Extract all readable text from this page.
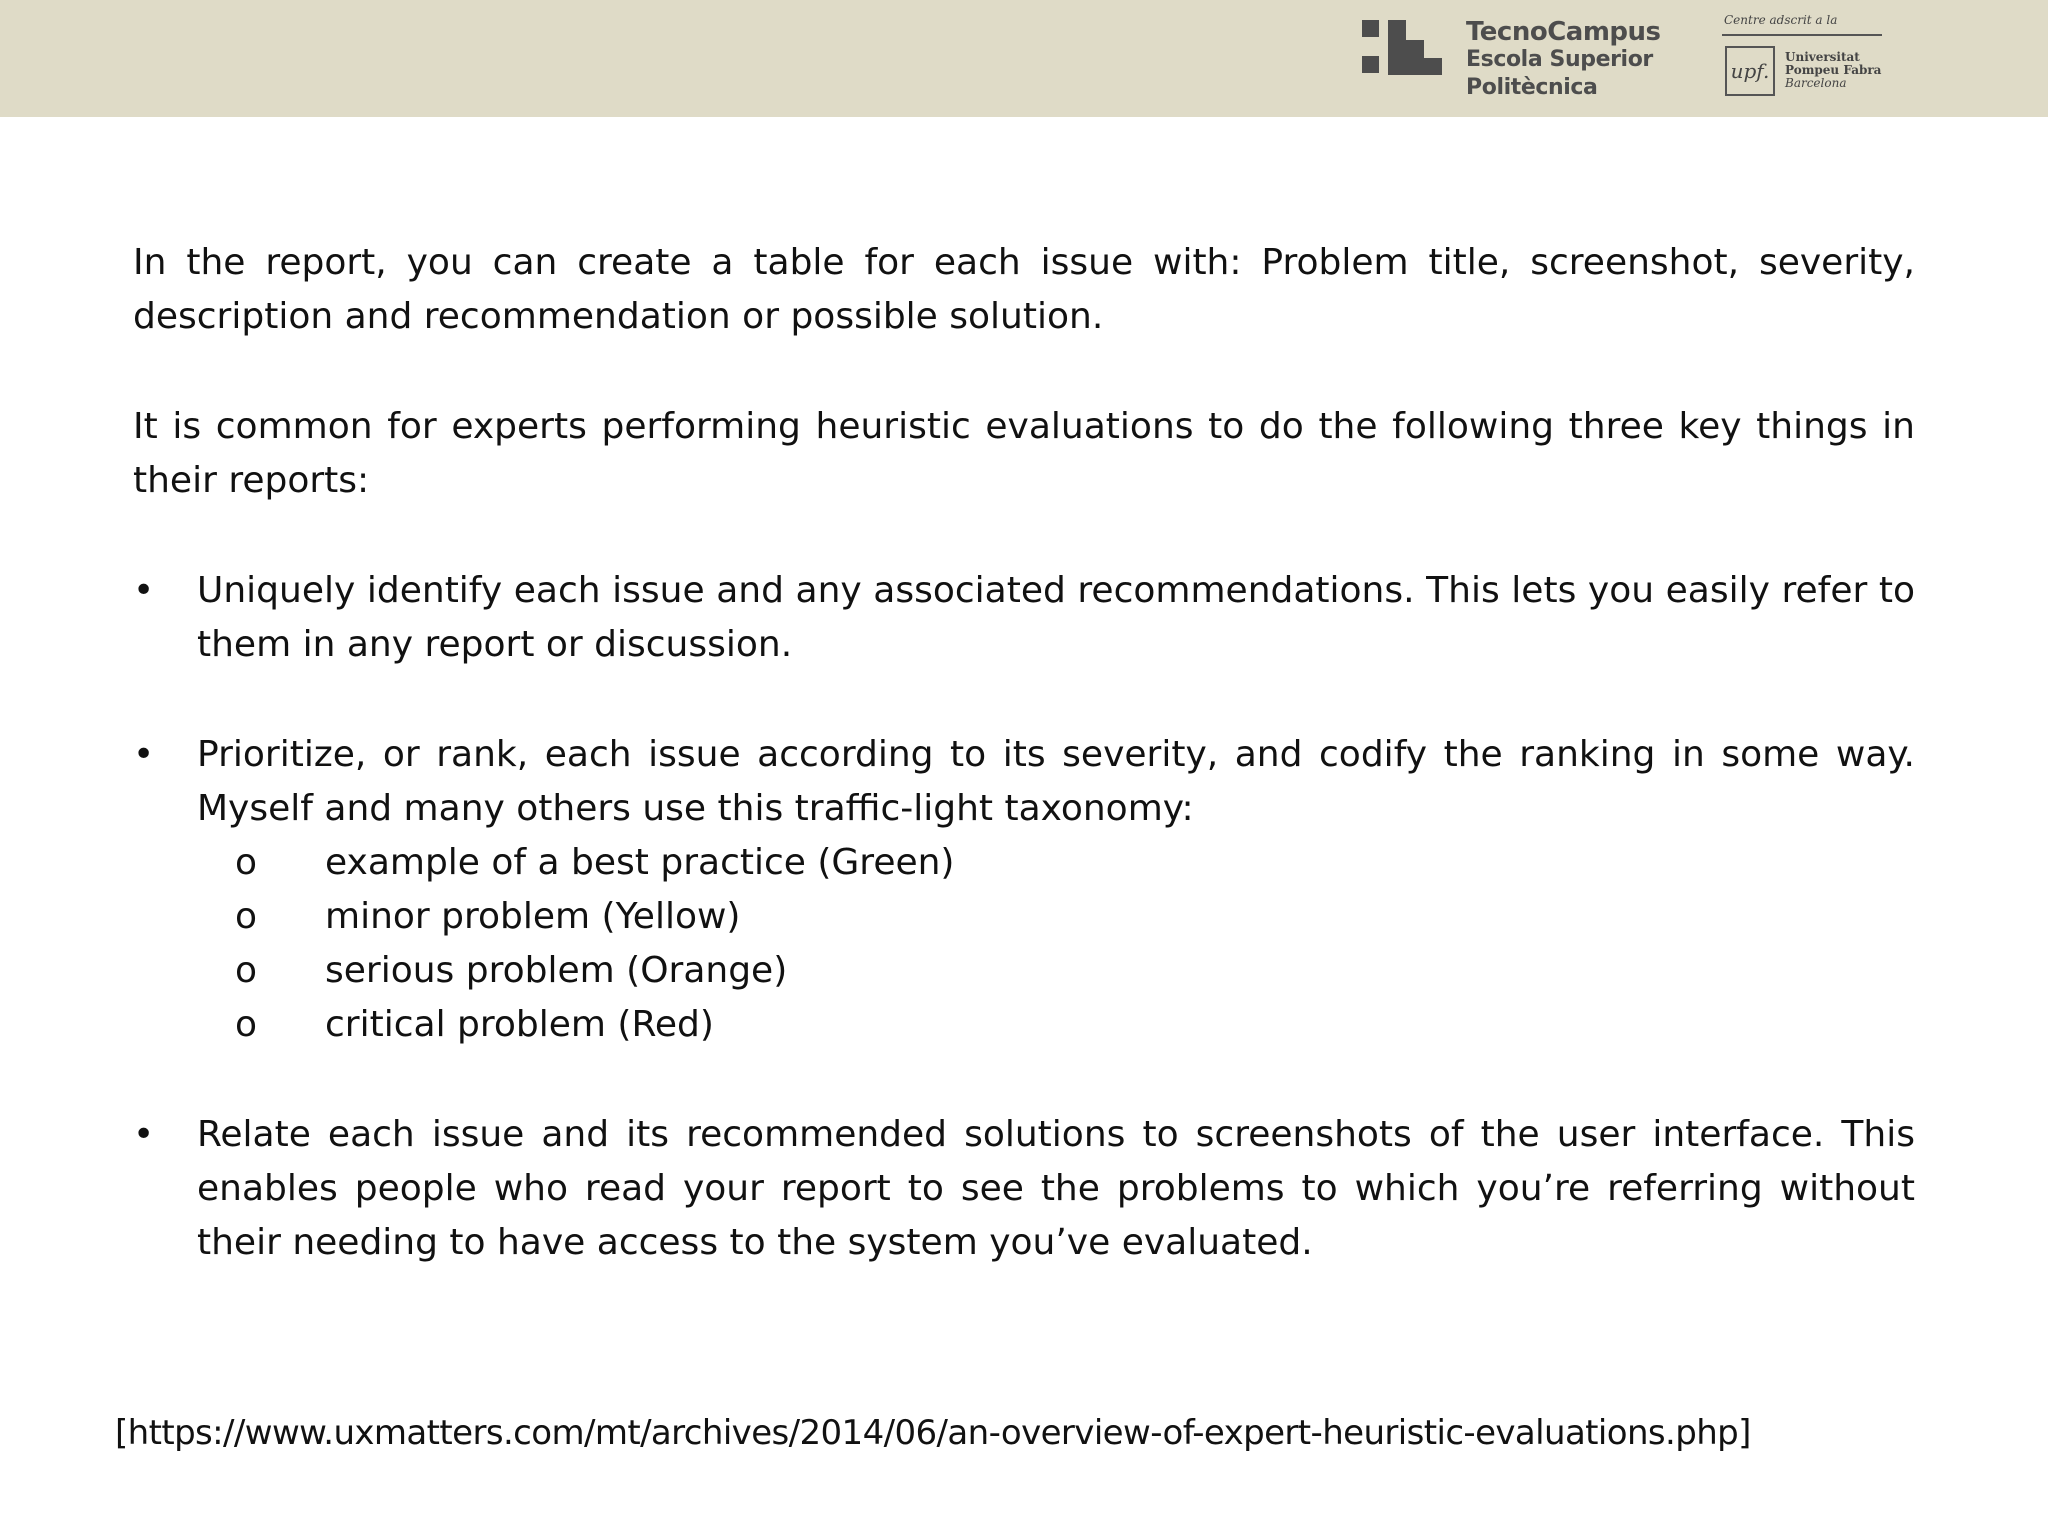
TecnoCampus
Escola Superior
Politècnica
Centre adscrit a la
upf.
Universitat
Pompeu Fabra
Barcelona

In the report, you can create a table for each issue with: Problem title, screenshot, severity, description and recommendation or possible solution.

It is common for experts performing heuristic evaluations to do the following three key things in their reports:

• Uniquely identify each issue and any associated recommendations. This lets you easily refer to them in any report or discussion.
• Prioritize, or rank, each issue according to its severity, and codify the ranking in some way. Myself and many others use this traffic-light taxonomy:
o example of a best practice (Green)
o minor problem (Yellow)
o serious problem (Orange)
o critical problem (Red)
• Relate each issue and its recommended solutions to screenshots of the user interface. This enables people who read your report to see the problems to which you’re referring without their needing to have access to the system you’ve evaluated.
[https://www.uxmatters.com/mt/archives/2014/06/an-overview-of-expert-heuristic-evaluations.php]
